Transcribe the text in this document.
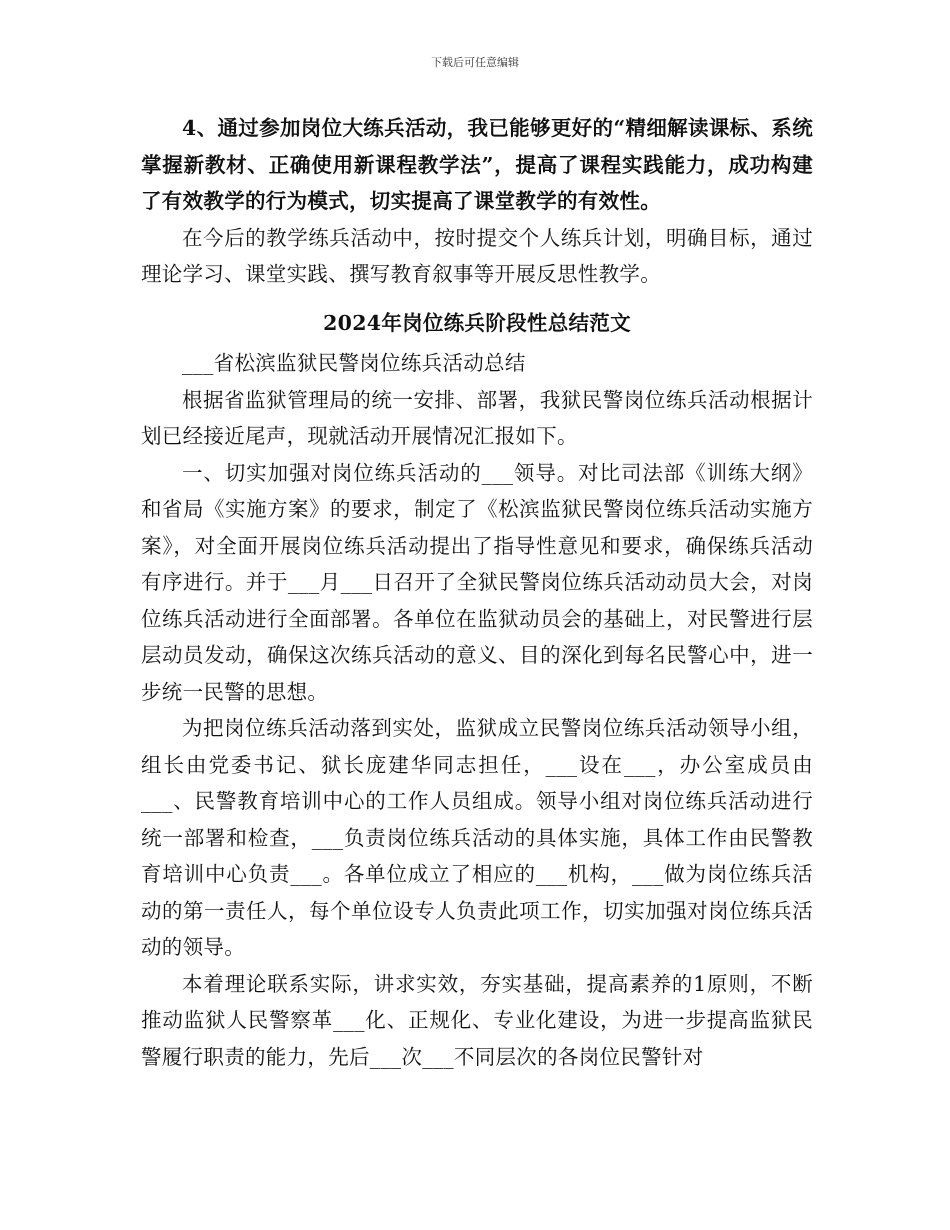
下载后可任意编辑

4、通过参加岗位大练兵活动，我已能够更好的“精细解读课标、系统掌握新教材、正确使用新课程教学法”，提高了课程实践能力，成功构建了有效教学的行为模式，切实提高了课堂教学的有效性。

在今后的教学练兵活动中，按时提交个人练兵计划，明确目标，通过理论学习、课堂实践、撰写教育叙事等开展反思性教学。

2024年岗位练兵阶段性总结范文

___省松滨监狱民警岗位练兵活动总结

根据省监狱管理局的统一安排、部署，我狱民警岗位练兵活动根据计划已经接近尾声，现就活动开展情况汇报如下。

一、切实加强对岗位练兵活动的___领导。对比司法部《训练大纲》和省局《实施方案》的要求，制定了《松滨监狱民警岗位练兵活动实施方案》，对全面开展岗位练兵活动提出了指导性意见和要求，确保练兵活动有序进行。并于___月___日召开了全狱民警岗位练兵活动动员大会，对岗位练兵活动进行全面部署。各单位在监狱动员会的基础上，对民警进行层层动员发动，确保这次练兵活动的意义、目的深化到每名民警心中，进一步统一民警的思想。

为把岗位练兵活动落到实处，监狱成立民警岗位练兵活动领导小组，组长由党委书记、狱长庞建华同志担任，___设在___，办公室成员由___、民警教育培训中心的工作人员组成。领导小组对岗位练兵活动进行统一部署和检查，___负责岗位练兵活动的具体实施，具体工作由民警教育培训中心负责___。各单位成立了相应的___机构，___做为岗位练兵活动的第一责任人，每个单位设专人负责此项工作，切实加强对岗位练兵活动的领导。

本着理论联系实际，讲求实效，夯实基础，提高素养的1原则，不断推动监狱人民警察革___化、正规化、专业化建设，为进一步提高监狱民警履行职责的能力，先后___次___不同层次的各岗位民警针对
